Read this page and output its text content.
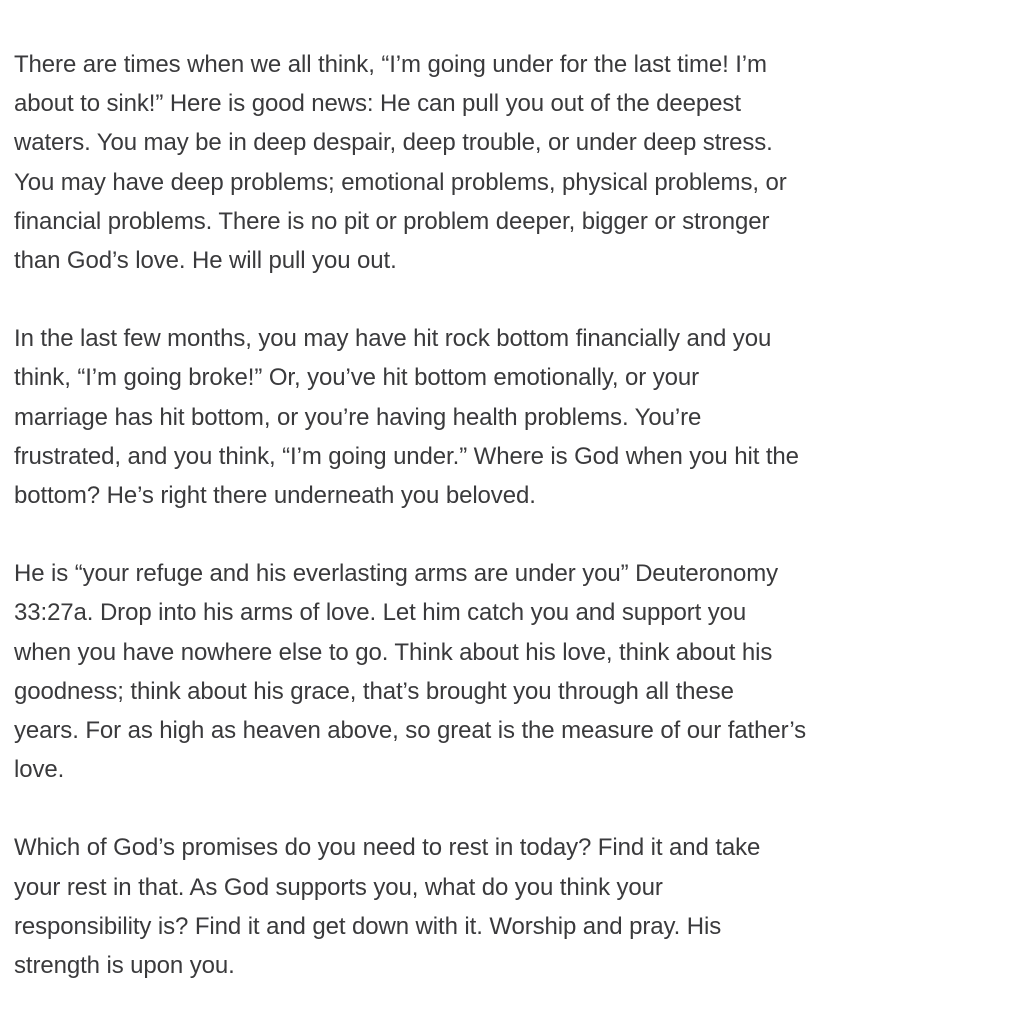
There are times when we all think, “I’m going under for the last time! I’m
about to sink!” Here is good news: He can pull you out of the deepest
waters. You may be in deep despair, deep trouble, or under deep stress.
You may have deep problems; emotional problems, physical problems, or
financial problems. There is no pit or problem deeper, bigger or stronger
than God’s love. He will pull you out.

In the last few months, you may have hit rock bottom financially and you
think, “I’m going broke!” Or, you’ve hit bottom emotionally, or your
marriage has hit bottom, or you’re having health problems. You’re
frustrated, and you think, “I’m going under.” Where is God when you hit the
bottom? He’s right there underneath you beloved.

He is “your refuge and his everlasting arms are under you” Deuteronomy
33:27a. Drop into his arms of love. Let him catch you and support you
when you have nowhere else to go. Think about his love, think about his
goodness; think about his grace, that’s brought you through all these
years. For as high as heaven above, so great is the measure of our father’s
love.

Which of God’s promises do you need to rest in today? Find it and take
your rest in that. As God supports you, what do you think your
responsibility is? Find it and get down with it. Worship and pray. His
strength is upon you.
